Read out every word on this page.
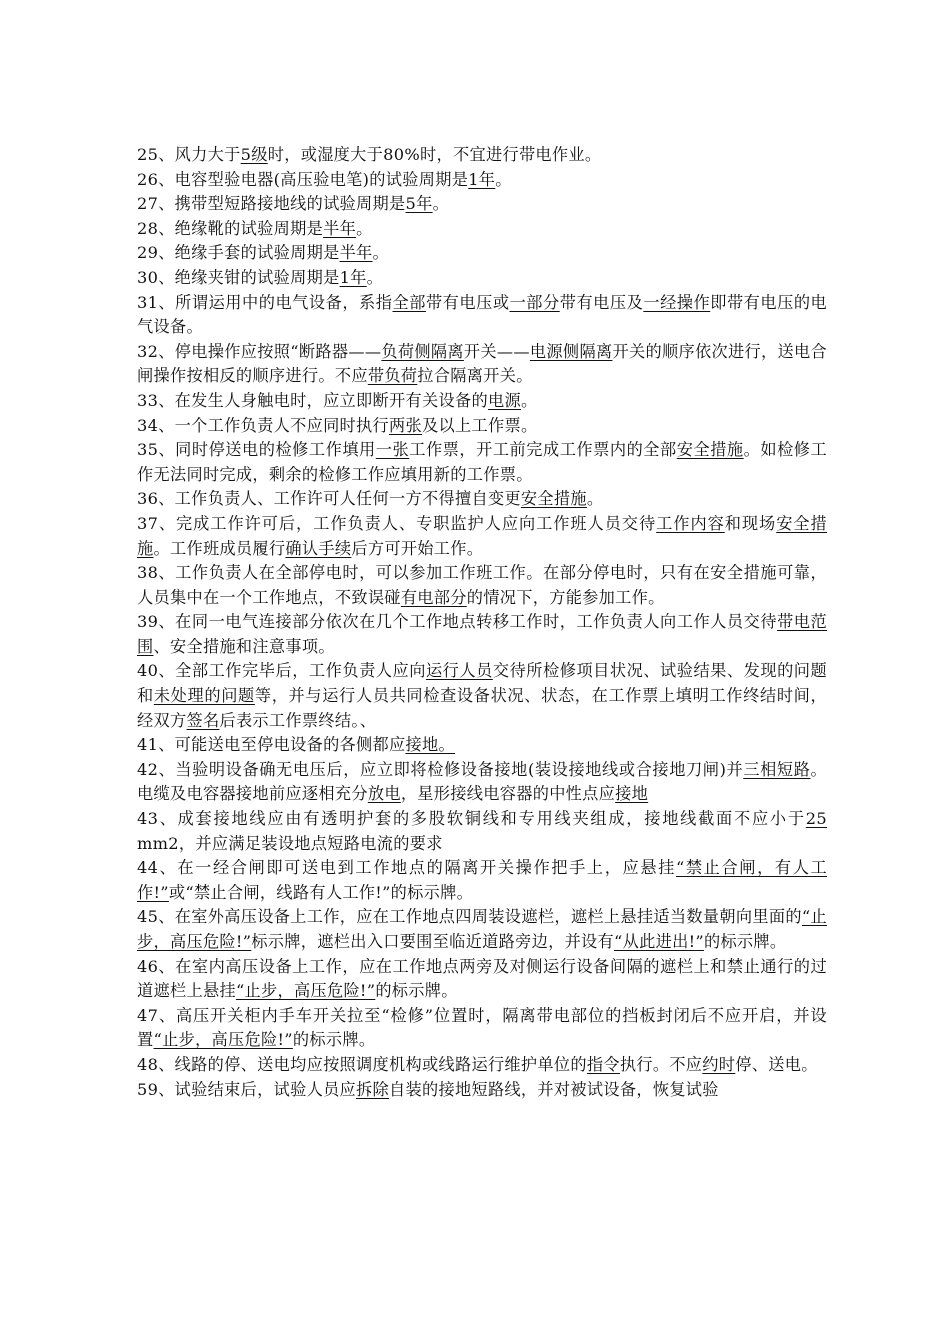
25、风力大于5级时，或湿度大于80%时，不宜进行带电作业。

26、电容型验电器(高压验电笔)的试验周期是1年。

27、携带型短路接地线的试验周期是5年。

28、绝缘靴的试验周期是半年。

29、绝缘手套的试验周期是半年。

30、绝缘夹钳的试验周期是1年。

31、所谓运用中的电气设备，系指全部带有电压或一部分带有电压及一经操作即带有电压的电气设备。

32、停电操作应按照“断路器——负荷侧隔离开关——电源侧隔离开关的顺序依次进行，送电合闸操作按相反的顺序进行。不应带负荷拉合隔离开关。

33、在发生人身触电时，应立即断开有关设备的电源。

34、一个工作负责人不应同时执行两张及以上工作票。

35、同时停送电的检修工作填用一张工作票，开工前完成工作票内的全部安全措施。如检修工作无法同时完成，剩余的检修工作应填用新的工作票。

36、工作负责人、工作许可人任何一方不得擅自变更安全措施。

37、完成工作许可后，工作负责人、专职监护人应向工作班人员交待工作内容和现场安全措施。工作班成员履行确认手续后方可开始工作。

38、工作负责人在全部停电时，可以参加工作班工作。在部分停电时，只有在安全措施可靠，人员集中在一个工作地点，不致误碰有电部分的情况下，方能参加工作。

39、在同一电气连接部分依次在几个工作地点转移工作时，工作负责人向工作人员交待带电范围、安全措施和注意事项。

40、全部工作完毕后，工作负责人应向运行人员交待所检修项目状况、试验结果、发现的问题和未处理的问题等，并与运行人员共同检查设备状况、状态，在工作票上填明工作终结时间，经双方签名后表示工作票终结。、

41、可能送电至停电设备的各侧都应接地。

42、当验明设备确无电压后，应立即将检修设备接地(装设接地线或合接地刀闸)并三相短路。电缆及电容器接地前应逐相充分放电，星形接线电容器的中性点应接地

43、成套接地线应由有透明护套的多股软铜线和专用线夹组成，接地线截面不应小于25 mm2，并应满足装设地点短路电流的要求

44、在一经合闸即可送电到工作地点的隔离开关操作把手上，应悬挂“禁止合闸，有人工作!”或“禁止合闸，线路有人工作!”的标示牌。

45、在室外高压设备上工作，应在工作地点四周装设遮栏，遮栏上悬挂适当数量朝向里面的“止步，高压危险!”标示牌，遮栏出入口要围至临近道路旁边，并设有“从此进出!”的标示牌。

46、在室内高压设备上工作，应在工作地点两旁及对侧运行设备间隔的遮栏上和禁止通行的过道遮栏上悬挂“止步，高压危险!”的标示牌。

47、高压开关柜内手车开关拉至“检修”位置时，隔离带电部位的挡板封闭后不应开启，并设置“止步，高压危险!”的标示牌。

48、线路的停、送电均应按照调度机构或线路运行维护单位的指令执行。不应约时停、送电。

59、试验结束后，试验人员应拆除自装的接地短路线，并对被试设备，恢复试验
